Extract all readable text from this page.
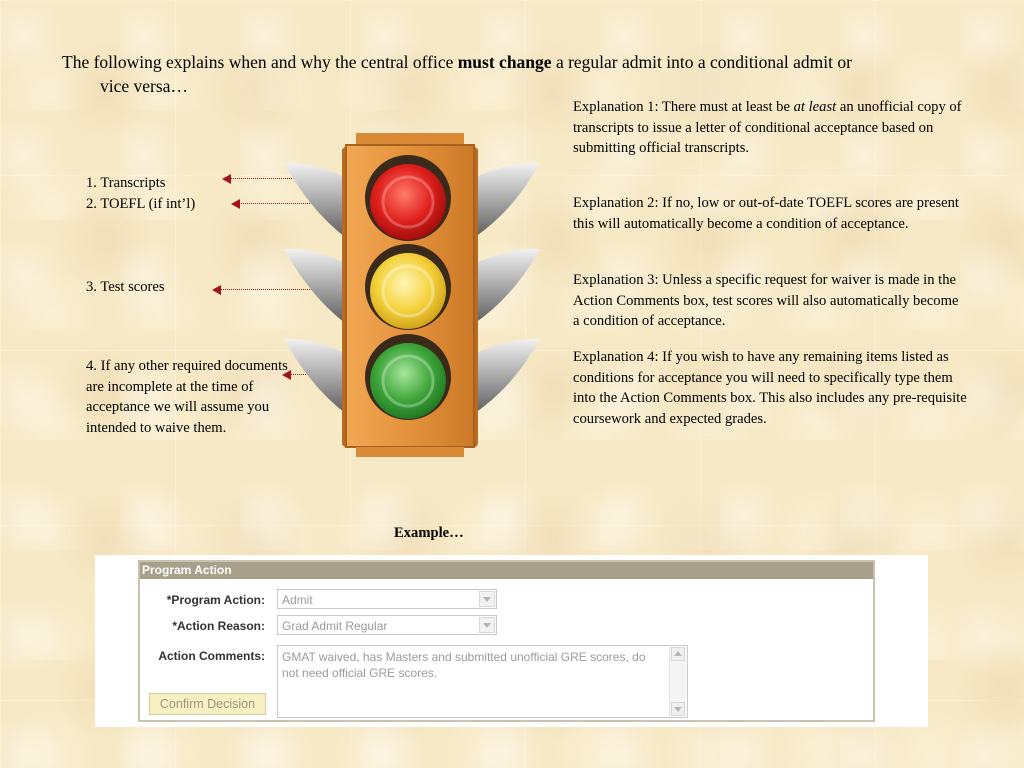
The following explains when and why the central office must change a regular admit into a conditional admit or
vice versa…
1. Transcripts
2. TOEFL (if int’l)
3. Test scores
4. If any other required documents are incomplete at the time of acceptance we will assume you intended to waive them.
Explanation 1: There must at least be at least an unofficial copy of transcripts to issue a letter of conditional acceptance based on submitting official transcripts.
Explanation 2: If no, low or out-of-date TOEFL scores are present this will automatically become a condition of acceptance.
Explanation 3: Unless a specific request for waiver is made in the Action Comments box, test scores will also automatically become a condition of acceptance.
Explanation 4: If you wish to have any remaining items listed as conditions for acceptance you will need to specifically type them into the Action Comments box. This also includes any pre-requisite coursework and expected grades.
Example…
Program Action
*Program Action:	Admit
*Action Reason:	Grad Admit Regular
Action Comments:	GMAT waived, has Masters and submitted unofficial GRE scores, do not need official GRE scores.
Confirm Decision
